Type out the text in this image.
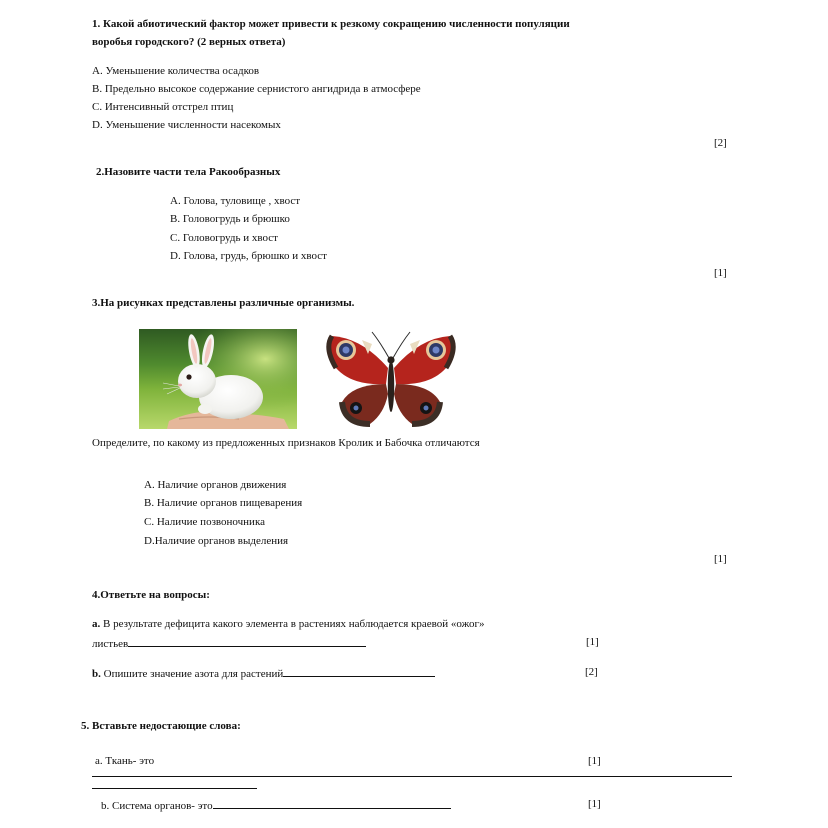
1. Какой абиотический фактор может привести к резкому сокращению численности популяции
воробья городского? (2 верных ответа)
A. Уменьшение количества осадков
B. Предельно высокое содержание сернистого ангидрида в атмосфере
C. Интенсивный отстрел птиц
D. Уменьшение численности насекомых
[2]
2.Назовите части тела Ракообразных
A. Голова, туловище , хвост
B. Головогрудь и брюшко
C. Головогрудь и хвост
D. Голова, грудь, брюшко и хвост
[1]
3.На рисунках представлены различные организмы.
Определите, по какому из предложенных признаков Кролик и Бабочка отличаются
A. Наличие органов движения
B. Наличие органов пищеварения
C. Наличие позвоночника
D.Наличие органов выделения
[1]
4.Ответьте на вопросы:
a. В результате дефицита какого элемента в растениях наблюдается краевой «ожог»
листьев	[1]
b. Опишите значение азота для растений	[2]
5. Вставьте недостающие слова:
a. Ткань- это	[1]
b. Система органов- это	[1]
